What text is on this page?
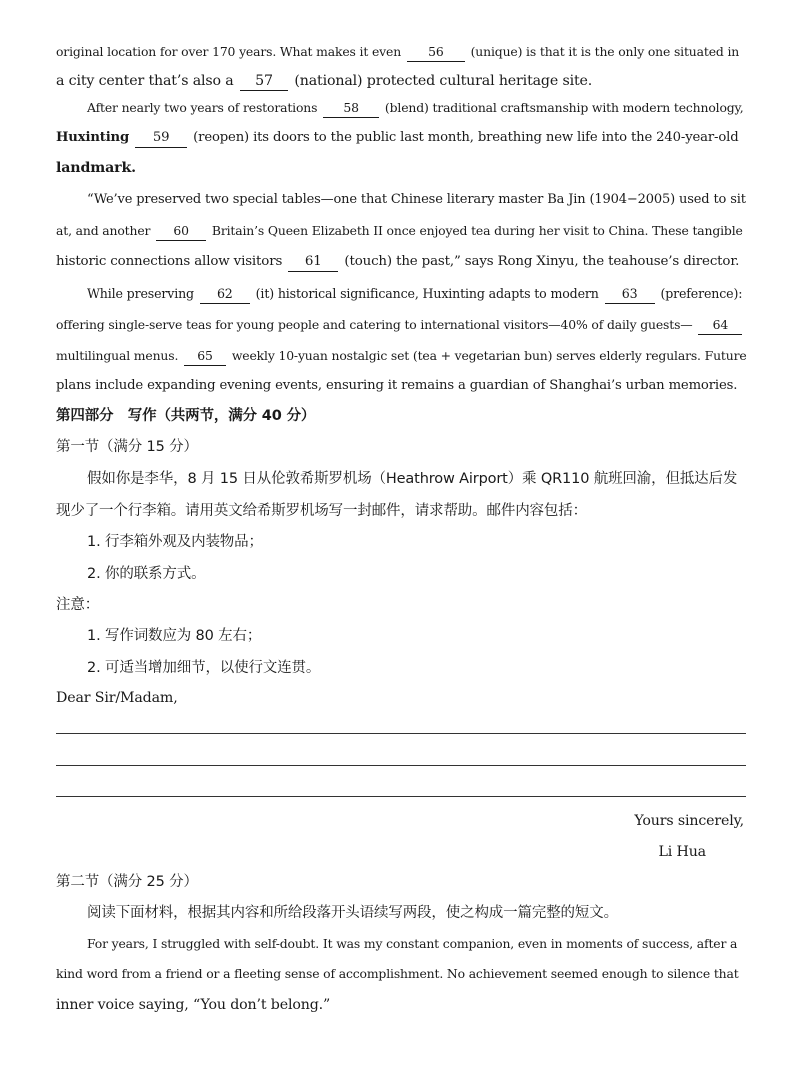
original location for over 170 years. What makes it even 56 (unique) is that it is the only one situated in
a city center that’s also a 57 (national) protected cultural heritage site.
After nearly two years of restorations 58 (blend) traditional craftsmanship with modern technology,
Huxinting 59 (reopen) its doors to the public last month, breathing new life into the 240-year-old
landmark.
“We’ve preserved two special tables—one that Chinese literary master Ba Jin (1904−2005) used to sit
at, and another 60 Britain’s Queen Elizabeth II once enjoyed tea during her visit to China. These tangible
historic connections allow visitors 61 (touch) the past,” says Rong Xinyu, the teahouse’s director.
While preserving 62 (it) historical significance, Huxinting adapts to modern 63 (preference):
offering single-serve teas for young people and catering to international visitors—40% of daily guests— 64
multilingual menus. 65 weekly 10-yuan nostalgic set (tea + vegetarian bun) serves elderly regulars. Future
plans include expanding evening events, ensuring it remains a guardian of Shanghai’s urban memories.
第四部分　写作（共两节，满分 40 分）
第一节（满分 15 分）
假如你是李华，8 月 15 日从伦敦希斯罗机场（Heathrow Airport）乘 QR110 航班回渝，但抵达后发
现少了一个行李箱。请用英文给希斯罗机场写一封邮件，请求帮助。邮件内容包括：
1. 行李箱外观及内装物品；
2. 你的联系方式。
注意：
1. 写作词数应为 80 左右；
2. 可适当增加细节，以使行文连贯。
Dear Sir/Madam,
Yours sincerely,
Li Hua
第二节（满分 25 分）
阅读下面材料，根据其内容和所给段落开头语续写两段，使之构成一篇完整的短文。
For years, I struggled with self-doubt. It was my constant companion, even in moments of success, after a
kind word from a friend or a fleeting sense of accomplishment. No achievement seemed enough to silence that
inner voice saying, “You don’t belong.”
